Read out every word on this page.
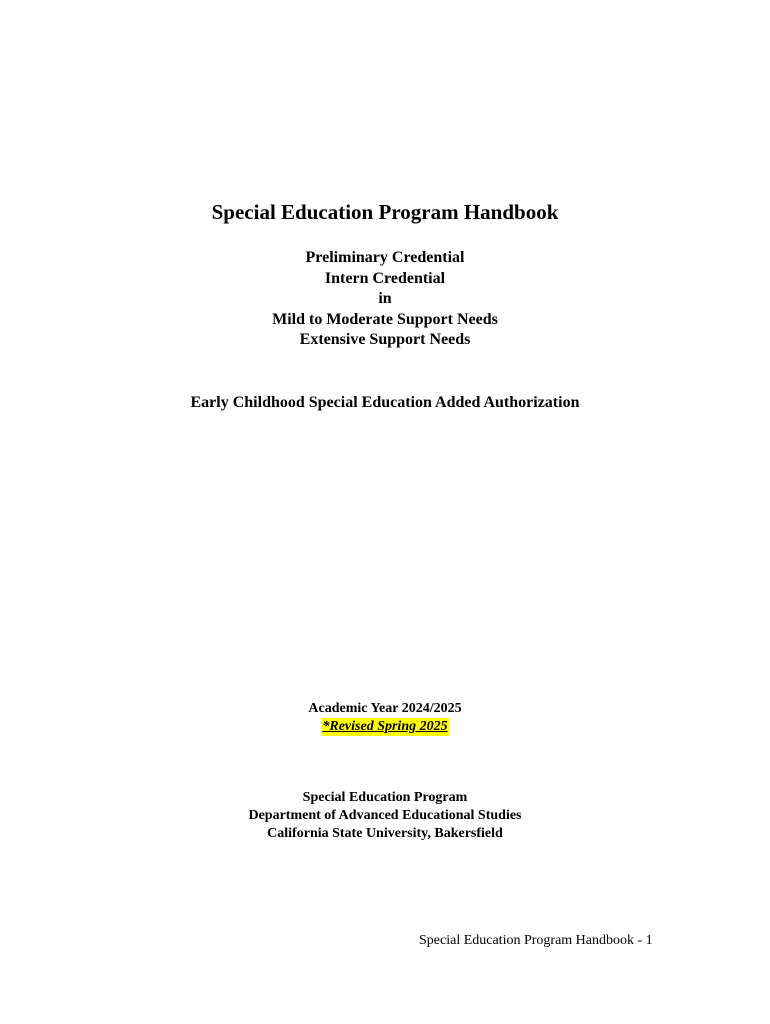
Special Education Program Handbook
Preliminary Credential
Intern Credential
in
Mild to Moderate Support Needs
Extensive Support Needs
Early Childhood Special Education Added Authorization
Academic Year 2024/2025
*Revised Spring 2025
Special Education Program
Department of Advanced Educational Studies
California State University, Bakersfield
Special Education Program Handbook - 1
